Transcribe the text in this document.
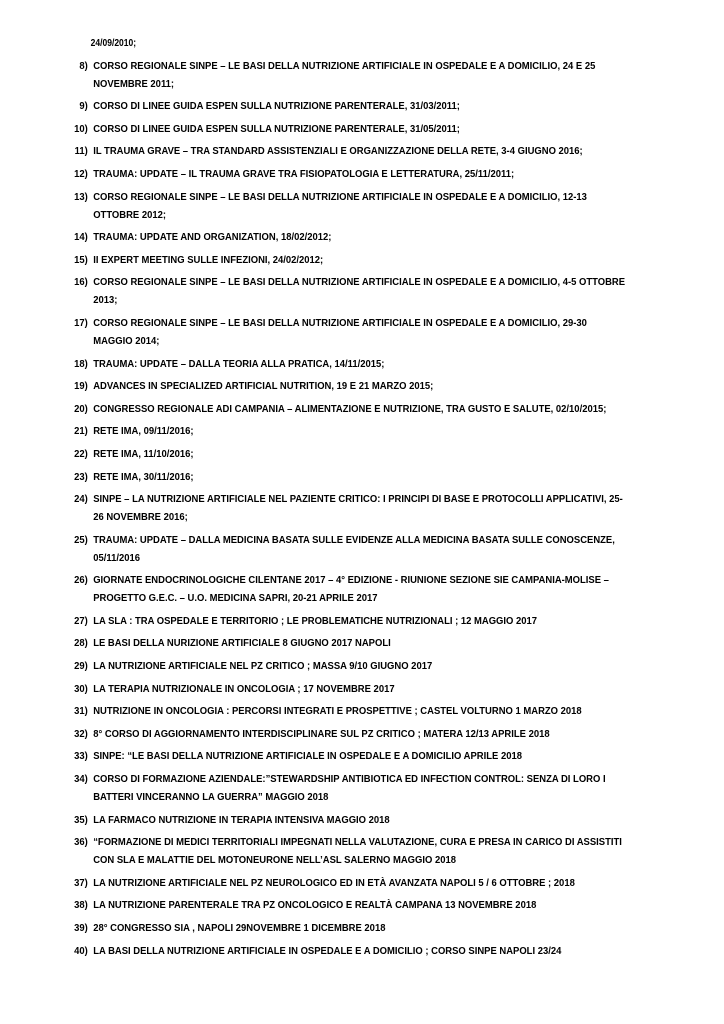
24/09/2010;
8) CORSO REGIONALE SINPE – LE BASI DELLA NUTRIZIONE ARTIFICIALE IN OSPEDALE E A DOMICILIO, 24 E 25 NOVEMBRE 2011;
9) CORSO DI LINEE GUIDA ESPEN SULLA NUTRIZIONE PARENTERALE, 31/03/2011;
10) CORSO DI LINEE GUIDA ESPEN SULLA NUTRIZIONE PARENTERALE, 31/05/2011;
11) IL TRAUMA GRAVE – TRA STANDARD ASSISTENZIALI E ORGANIZZAZIONE DELLA RETE, 3-4 GIUGNO 2016;
12) TRAUMA: UPDATE – IL TRAUMA GRAVE TRA FISIOPATOLOGIA E LETTERATURA, 25/11/2011;
13) CORSO REGIONALE SINPE – LE BASI DELLA NUTRIZIONE ARTIFICIALE IN OSPEDALE E A DOMICILIO, 12-13 OTTOBRE 2012;
14) TRAUMA: UPDATE AND ORGANIZATION, 18/02/2012;
15) II EXPERT MEETING SULLE INFEZIONI, 24/02/2012;
16) CORSO REGIONALE SINPE – LE BASI DELLA NUTRIZIONE ARTIFICIALE IN OSPEDALE E A DOMICILIO, 4-5 OTTOBRE 2013;
17) CORSO REGIONALE SINPE – LE BASI DELLA NUTRIZIONE ARTIFICIALE IN OSPEDALE E A DOMICILIO, 29-30 MAGGIO 2014;
18) TRAUMA: UPDATE – DALLA TEORIA ALLA PRATICA, 14/11/2015;
19) ADVANCES IN SPECIALIZED ARTIFICIAL NUTRITION, 19 E 21 MARZO 2015;
20) CONGRESSO REGIONALE ADI CAMPANIA – ALIMENTAZIONE E NUTRIZIONE, TRA GUSTO E SALUTE, 02/10/2015;
21) RETE IMA, 09/11/2016;
22) RETE IMA, 11/10/2016;
23) RETE IMA, 30/11/2016;
24) SINPE – LA NUTRIZIONE ARTIFICIALE NEL PAZIENTE CRITICO: I PRINCIPI DI BASE E PROTOCOLLI APPLICATIVI, 25-26 NOVEMBRE 2016;
25) TRAUMA: UPDATE – DALLA MEDICINA BASATA SULLE EVIDENZE ALLA MEDICINA BASATA SULLE CONOSCENZE, 05/11/2016
26) GIORNATE ENDOCRINOLOGICHE CILENTANE 2017 – 4° EDIZIONE - RIUNIONE SEZIONE SIE CAMPANIA-MOLISE – PROGETTO G.E.C. – U.O. MEDICINA SAPRI, 20-21 APRILE 2017
27) LA SLA : TRA OSPEDALE E TERRITORIO ; LE PROBLEMATICHE NUTRIZIONALI ; 12 MAGGIO 2017
28) LE BASI DELLA NURIZIONE ARTIFICIALE 8 GIUGNO 2017 NAPOLI
29) LA NUTRIZIONE ARTIFICIALE NEL PZ CRITICO ; MASSA 9/10 GIUGNO 2017
30) LA TERAPIA NUTRIZIONALE IN ONCOLOGIA ; 17 NOVEMBRE 2017
31) NUTRIZIONE IN ONCOLOGIA : PERCORSI INTEGRATI E PROSPETTIVE ; CASTEL VOLTURNO 1 MARZO 2018
32) 8° CORSO DI AGGIORNAMENTO INTERDISCIPLINARE SUL PZ CRITICO ; MATERA 12/13 APRILE 2018
33) SINPE: “LE BASI DELLA NUTRIZIONE ARTIFICIALE IN OSPEDALE E A DOMICILIO APRILE 2018
34) CORSO DI FORMAZIONE AZIENDALE:”STEWARDSHIP ANTIBIOTICA ED INFECTION CONTROL: SENZA DI LORO I BATTERI VINCERANNO LA GUERRA” MAGGIO 2018
35) LA FARMACO NUTRIZIONE IN TERAPIA INTENSIVA MAGGIO 2018
36) “FORMAZIONE DI MEDICI TERRITORIALI IMPEGNATI NELLA VALUTAZIONE, CURA E PRESA IN CARICO DI ASSISTITI CON SLA E MALATTIE DEL MOTONEURONE NELL’ASL SALERNO MAGGIO 2018
37) LA NUTRIZIONE ARTIFICIALE NEL PZ NEUROLOGICO ED IN ETÀ AVANZATA NAPOLI 5 / 6 OTTOBRE ; 2018
38) LA NUTRIZIONE PARENTERALE TRA PZ ONCOLOGICO E REALTÀ CAMPANA 13 NOVEMBRE 2018
39) 28° CONGRESSO SIA , NAPOLI 29NOVEMBRE 1 DICEMBRE 2018
40) LA BASI DELLA NUTRIZIONE ARTIFICIALE IN OSPEDALE E A DOMICILIO ; CORSO SINPE NAPOLI 23/24
